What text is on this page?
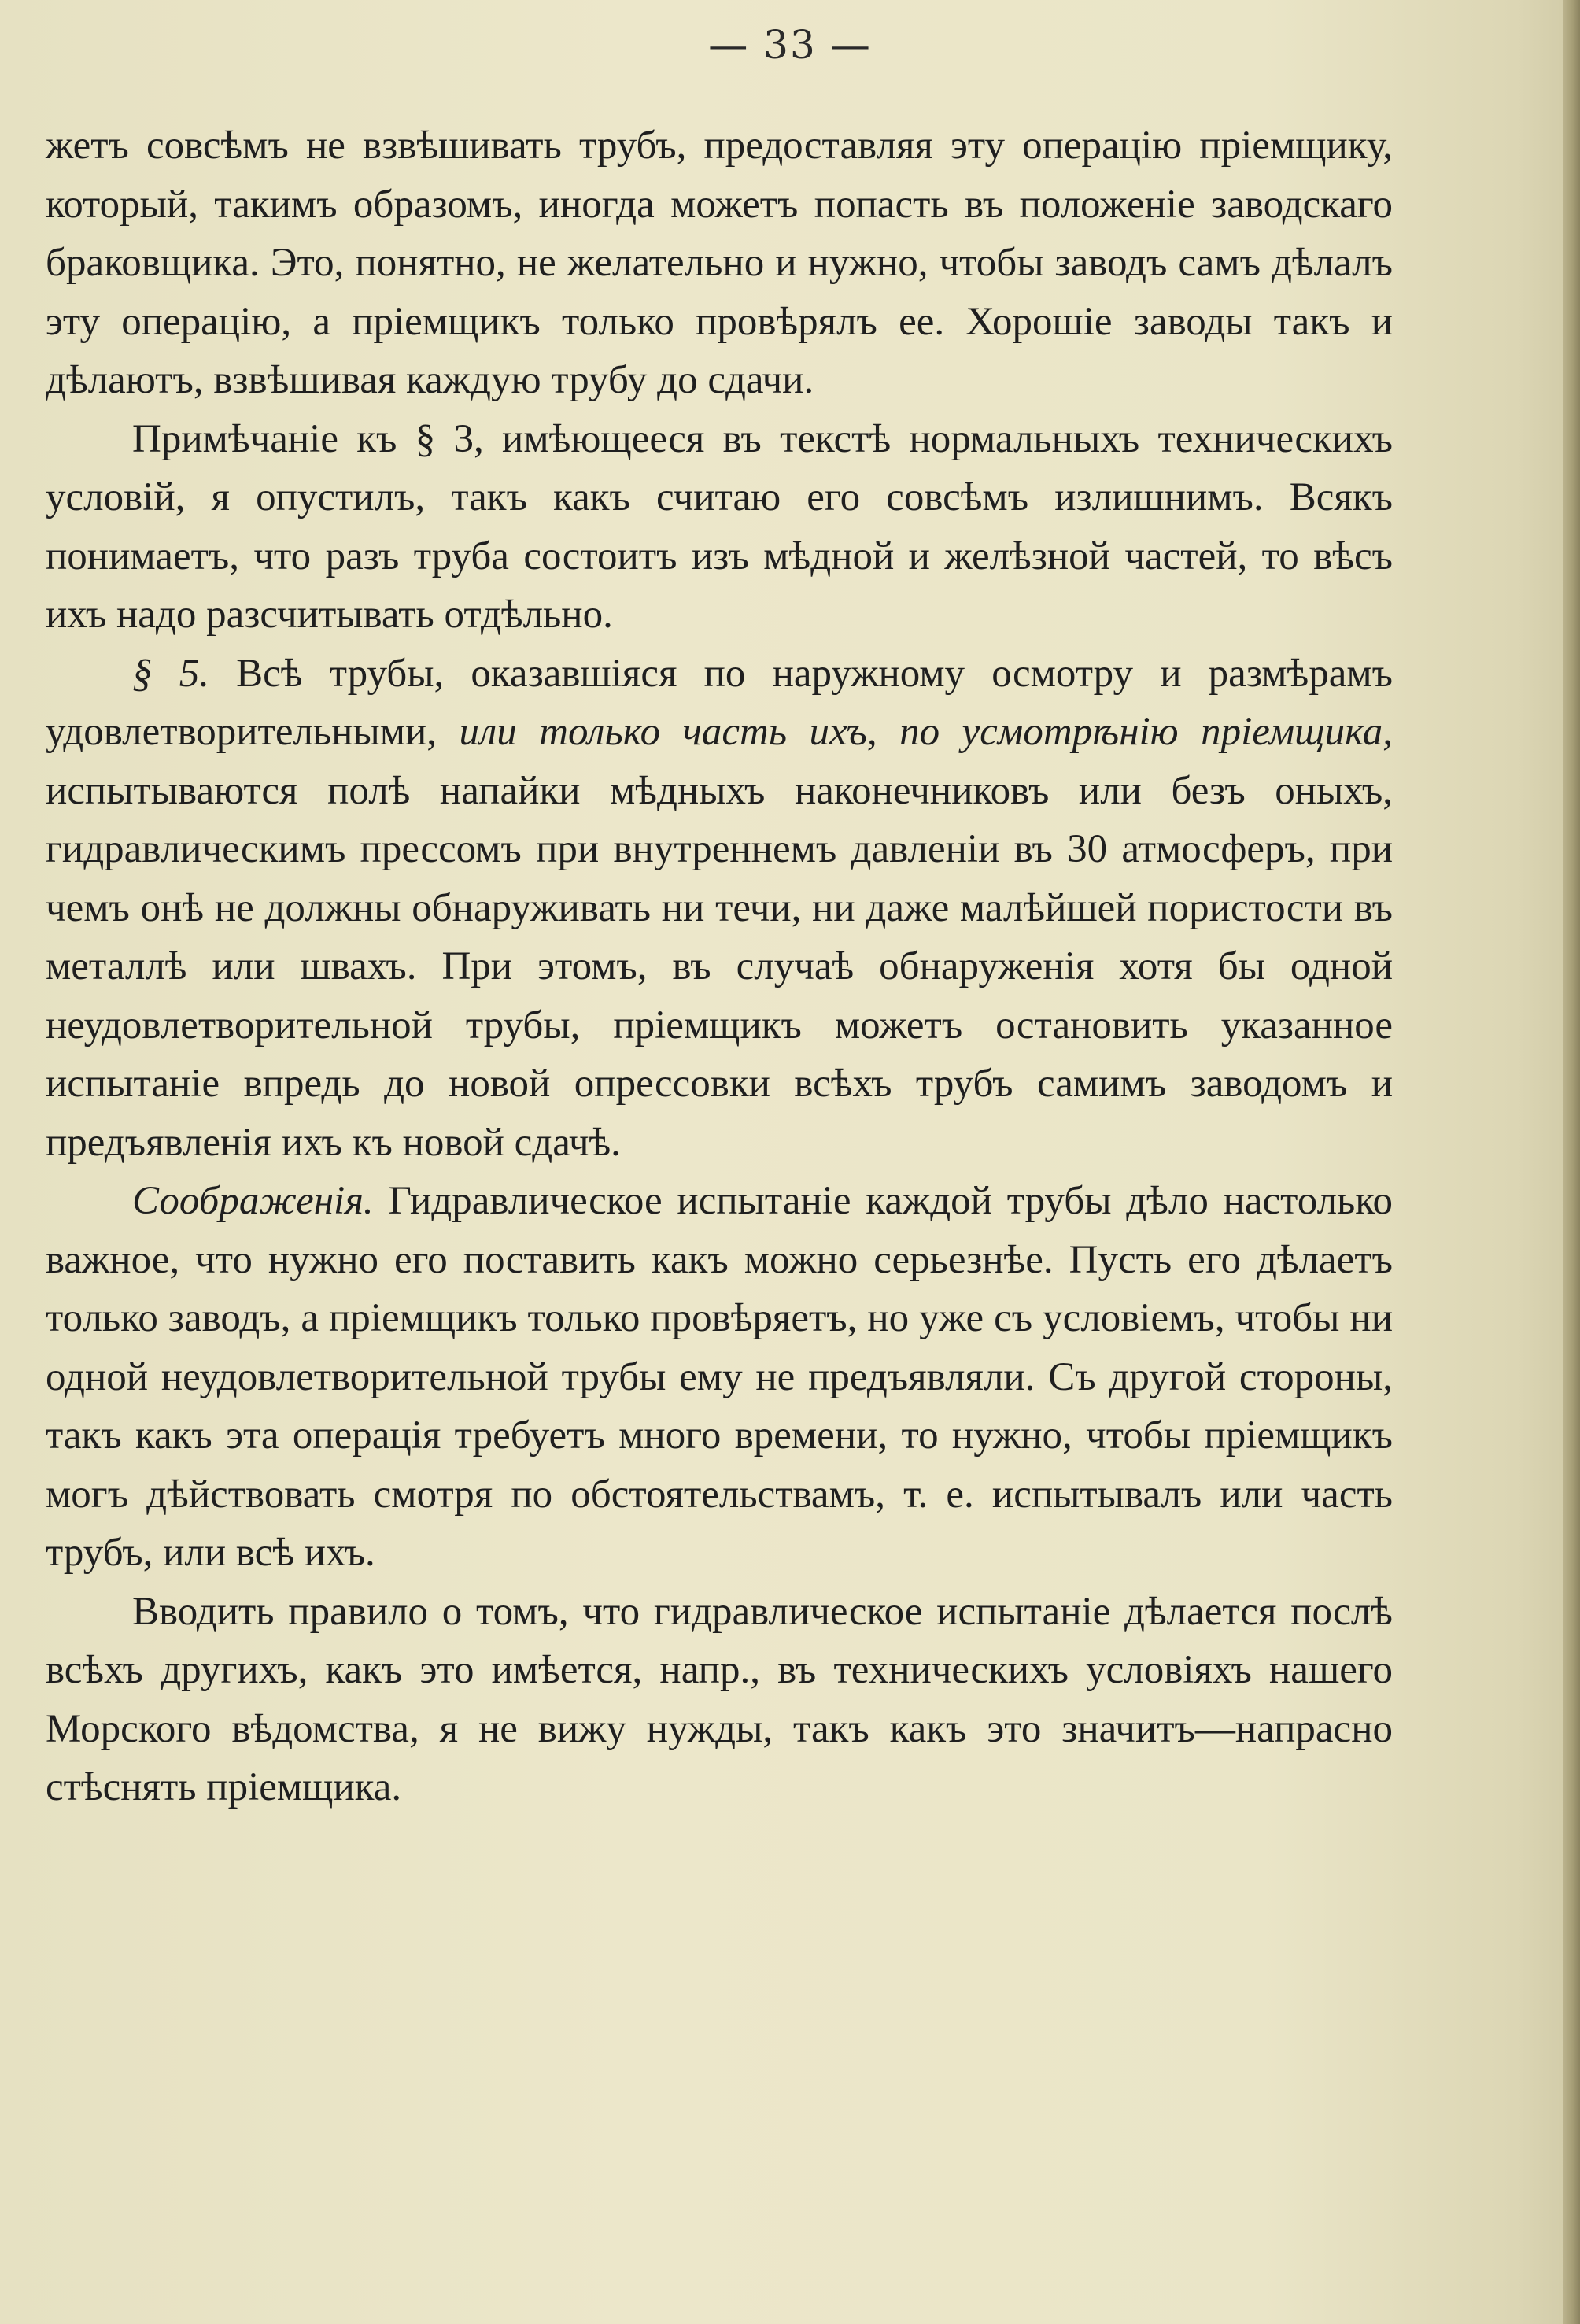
— 33 —

жетъ совсѣмъ не взвѣшивать трубъ, предоставляя эту операцію пріемщику, который, такимъ образомъ, иногда можетъ попасть въ положеніе заводскаго браковщика. Это, понятно, не желательно и нужно, чтобы заводъ самъ дѣлалъ эту операцію, а пріемщикъ только провѣрялъ ее. Хорошіе заводы такъ и дѣлаютъ, взвѣшивая каждую трубу до сдачи.

Примѣчаніе къ § 3, имѣющееся въ текстѣ нормальныхъ техническихъ условій, я опустилъ, такъ какъ считаю его совсѣмъ излишнимъ. Всякъ понимаетъ, что разъ труба состоитъ изъ мѣдной и желѣзной частей, то вѣсъ ихъ надо разсчитывать отдѣльно.

§ 5. Всѣ трубы, оказавшіяся по наружному осмотру и размѣрамъ удовлетворительными, или только часть ихъ, по усмотрѣнію пріемщика, испытываются полѣ напайки мѣдныхъ наконечниковъ или безъ оныхъ, гидравлическимъ прессомъ при внутреннемъ давленіи въ 30 атмосферъ, при чемъ онѣ не должны обнаруживать ни течи, ни даже малѣйшей пористости въ металлѣ или швахъ. При этомъ, въ случаѣ обнаруженія хотя бы одной неудовлетворительной трубы, пріемщикъ можетъ остановить указанное испытаніе впредь до новой опрессовки всѣхъ трубъ самимъ заводомъ и предъявленія ихъ къ новой сдачѣ.

Соображенія. Гидравлическое испытаніе каждой трубы дѣло настолько важное, что нужно его поставить какъ можно серьезнѣе. Пусть его дѣлаетъ только заводъ, а пріемщикъ только провѣряетъ, но уже съ условіемъ, чтобы ни одной неудовлетворительной трубы ему не предъявляли. Съ другой стороны, такъ какъ эта операція требуетъ много времени, то нужно, чтобы пріемщикъ могъ дѣйствовать смотря по обстоятельствамъ, т. е. испытывалъ или часть трубъ, или всѣ ихъ.

Вводить правило о томъ, что гидравлическое испытаніе дѣлается послѣ всѣхъ другихъ, какъ это имѣется, напр., въ техническихъ условіяхъ нашего Морского вѣдомства, я не вижу нужды, такъ какъ это значитъ—напрасно стѣснять пріемщика.
